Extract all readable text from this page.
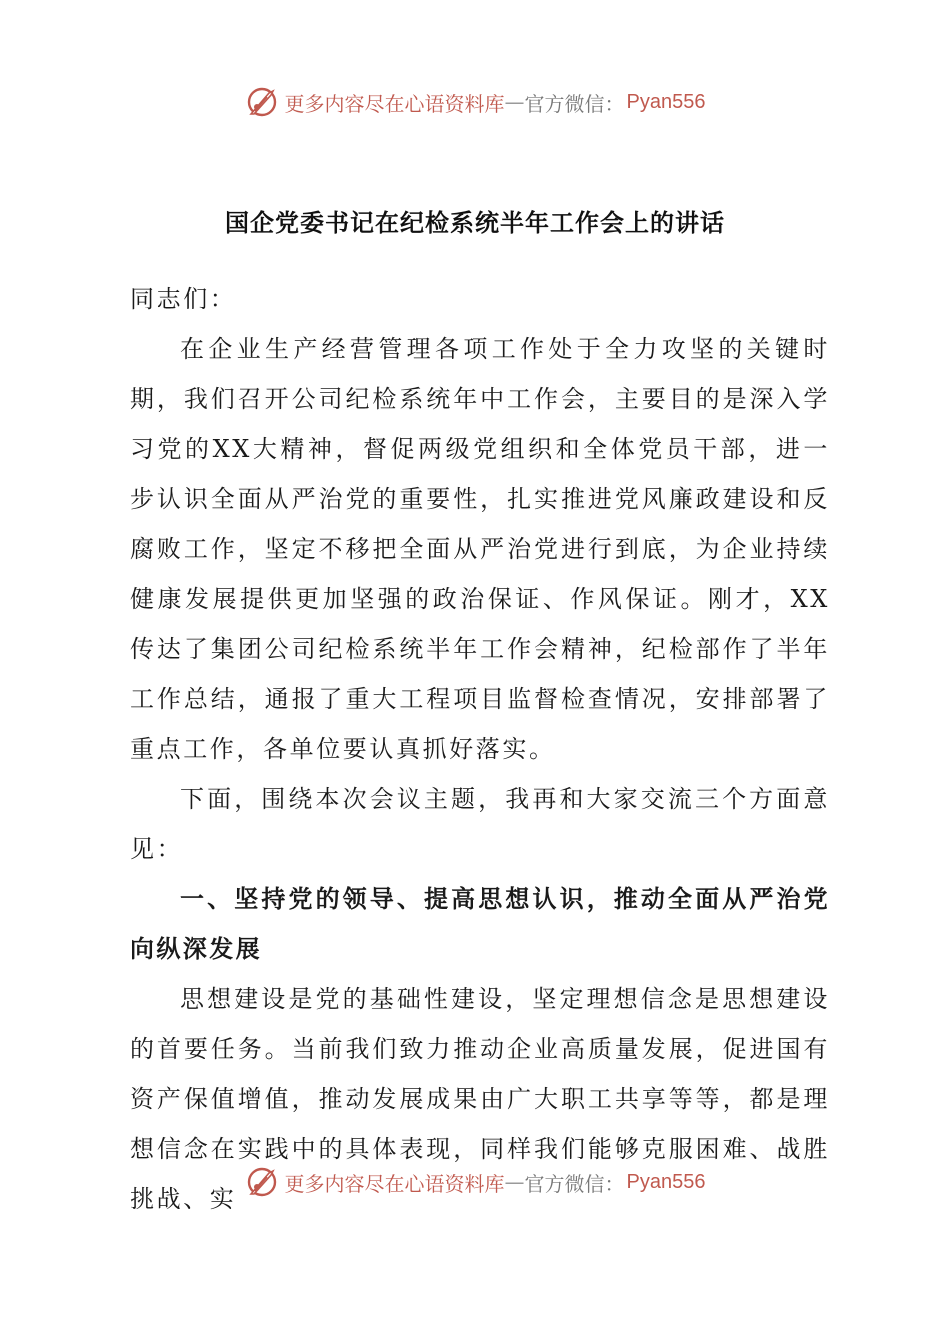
更多内容尽在心语资料库 — 官方微信： Pyan556
国企党委书记在纪检系统半年工作会上的讲话

同志们：

在企业生产经营管理各项工作处于全力攻坚的关键时期，我们召开公司纪检系统年中工作会，主要目的是深入学习党的XX大精神，督促两级党组织和全体党员干部，进一步认识全面从严治党的重要性，扎实推进党风廉政建设和反腐败工作，坚定不移把全面从严治党进行到底，为企业持续健康发展提供更加坚强的政治保证、作风保证。刚才，XX传达了集团公司纪检系统半年工作会精神，纪检部作了半年工作总结，通报了重大工程项目监督检查情况，安排部署了重点工作，各单位要认真抓好落实。

下面，围绕本次会议主题，我再和大家交流三个方面意见：

一、坚持党的领导、提高思想认识，推动全面从严治党向纵深发展

思想建设是党的基础性建设，坚定理想信念是思想建设的首要任务。当前我们致力推动企业高质量发展，促进国有资产保值增值，推动发展成果由广大职工共享等等，都是理想信念在实践中的具体表现，同样我们能够克服困难、战胜挑战、实

更多内容尽在心语资料库 — 官方微信： Pyan556
